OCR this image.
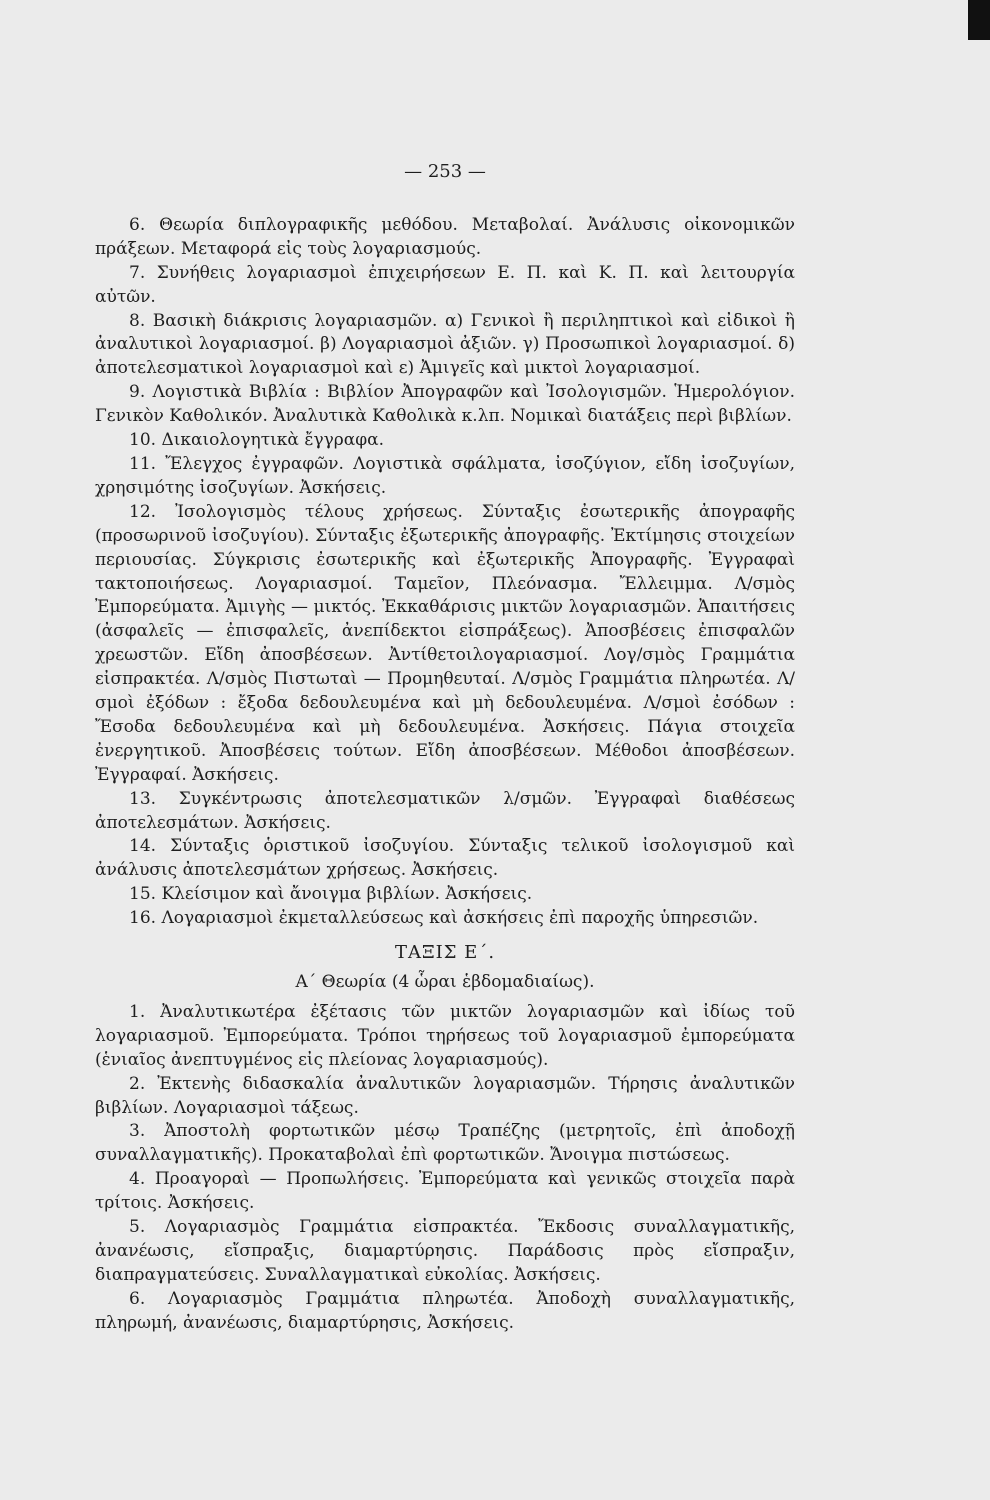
— 253 —

6. Θεωρία διπλογραφικῆς μεθόδου. Μεταβολαί. Ἀνάλυσις οἰκονομικῶν πράξεων. Μεταφορά εἰς τοὺς λογαριασμούς.

7. Συνήθεις λογαριασμοὶ ἐπιχειρήσεων Ε. Π. καὶ Κ. Π. καὶ λειτουργία αὐτῶν.

8. Βασικὴ διάκρισις λογαριασμῶν. α) Γενικοὶ ἢ περιληπτικοὶ καὶ εἰδικοὶ ἢ ἀναλυτικοὶ λογαριασμοί. β) Λογαριασμοὶ ἀξιῶν. γ) Προσωπικοὶ λογαριασμοί. δ) ἀποτελεσματικοὶ λογαριασμοὶ καὶ ε) Ἀμιγεῖς καὶ μικτοὶ λογαριασμοί.

9. Λογιστικὰ Βιβλία : Βιβλίον Ἀπογραφῶν καὶ Ἰσολογισμῶν. Ἡμερολόγιον. Γενικὸν Καθολικόν. Ἀναλυτικὰ Καθολικὰ κ.λπ. Νομικαὶ διατάξεις περὶ βιβλίων.

10. Δικαιολογητικὰ ἔγγραφα.

11. Ἔλεγχος ἐγγραφῶν. Λογιστικὰ σφάλματα, ἰσοζύγιον, εἴδη ἰσοζυγίων, χρησιμότης ἰσοζυγίων. Ἀσκήσεις.

12. Ἰσολογισμὸς τέλους χρήσεως. Σύνταξις ἐσωτερικῆς ἀπογραφῆς (προσωρινοῦ ἰσοζυγίου). Σύνταξις ἐξωτερικῆς ἀπογραφῆς. Ἐκτίμησις στοιχείων περιουσίας. Σύγκρισις ἐσωτερικῆς καὶ ἐξωτερικῆς Ἀπογραφῆς. Ἐγγραφαὶ τακτοποιήσεως. Λογαριασμοί. Ταμεῖον, Πλεόνασμα. Ἔλλειμμα. Λ/σμὸς Ἐμπορεύματα. Ἀμιγὴς — μικτός. Ἐκκαθάρισις μικτῶν λογαριασμῶν. Ἀπαιτήσεις (ἀσφαλεῖς — ἐπισφαλεῖς, ἀνεπίδεκτοι εἰσπράξεως). Ἀποσβέσεις ἐπισφαλῶν χρεωστῶν. Εἴδη ἀποσβέσεων. Ἀντίθετοιλογαριασμοί. Λογ/σμὸς Γραμμάτια εἰσπρακτέα. Λ/σμὸς Πιστωταὶ — Προμηθευταί. Λ/σμὸς Γραμμάτια πληρωτέα. Λ/σμοὶ ἐξόδων : ἔξοδα δεδουλευμένα καὶ μὴ δεδουλευμένα. Λ/σμοὶ ἐσόδων : Ἔσοδα δεδουλευμένα καὶ μὴ δεδουλευμένα. Ἀσκήσεις. Πάγια στοιχεῖα ἐνεργητικοῦ. Ἀποσβέσεις τούτων. Εἴδη ἀποσβέσεων. Μέθοδοι ἀποσβέσεων. Ἐγγραφαί. Ἀσκήσεις.

13. Συγκέντρωσις ἀποτελεσματικῶν λ/σμῶν. Ἐγγραφαὶ διαθέσεως ἀποτελεσμάτων. Ἀσκήσεις.

14. Σύνταξις ὁριστικοῦ ἰσοζυγίου. Σύνταξις τελικοῦ ἰσολογισμοῦ καὶ ἀνάλυσις ἀποτελεσμάτων χρήσεως. Ἀσκήσεις.

15. Κλείσιμον καὶ ἄνοιγμα βιβλίων. Ἀσκήσεις.

16. Λογαριασμοὶ ἐκμεταλλεύσεως καὶ ἀσκήσεις ἐπὶ παροχῆς ὑπηρεσιῶν.

ΤΑΞΙΣ Ε΄.

Α΄ Θεωρία (4 ὧραι ἑβδομαδιαίως).

1. Ἀναλυτικωτέρα ἐξέτασις τῶν μικτῶν λογαριασμῶν καὶ ἰδίως τοῦ λογαριασμοῦ. Ἐμπορεύματα. Τρόποι τηρήσεως τοῦ λογαριασμοῦ ἐμπορεύματα (ἑνιαῖος ἀνεπτυγμένος εἰς πλείονας λογαριασμούς).

2. Ἐκτενὴς διδασκαλία ἀναλυτικῶν λογαριασμῶν. Τήρησις ἀναλυτικῶν βιβλίων. Λογαριασμοὶ τάξεως.

3. Ἀποστολὴ φορτωτικῶν μέσῳ Τραπέζης (μετρητοῖς, ἐπὶ ἀποδοχῇ συναλλαγματικῆς). Προκαταβολαὶ ἐπὶ φορτωτικῶν. Ἄνοιγμα πιστώσεως.

4. Προαγοραὶ — Προπωλήσεις. Ἐμπορεύματα καὶ γενικῶς στοιχεῖα παρὰ τρίτοις. Ἀσκήσεις.

5. Λογαριασμὸς Γραμμάτια εἰσπρακτέα. Ἔκδοσις συναλλαγματικῆς, ἀνανέωσις, εἴσπραξις, διαμαρτύρησις. Παράδοσις πρὸς εἴσπραξιν, διαπραγματεύσεις. Συναλλαγματικαὶ εὐκολίας. Ἀσκήσεις.

6. Λογαριασμὸς Γραμμάτια πληρωτέα. Ἀποδοχὴ συναλλαγματικῆς, πληρωμή, ἀνανέωσις, διαμαρτύρησις, Ἀσκήσεις.
